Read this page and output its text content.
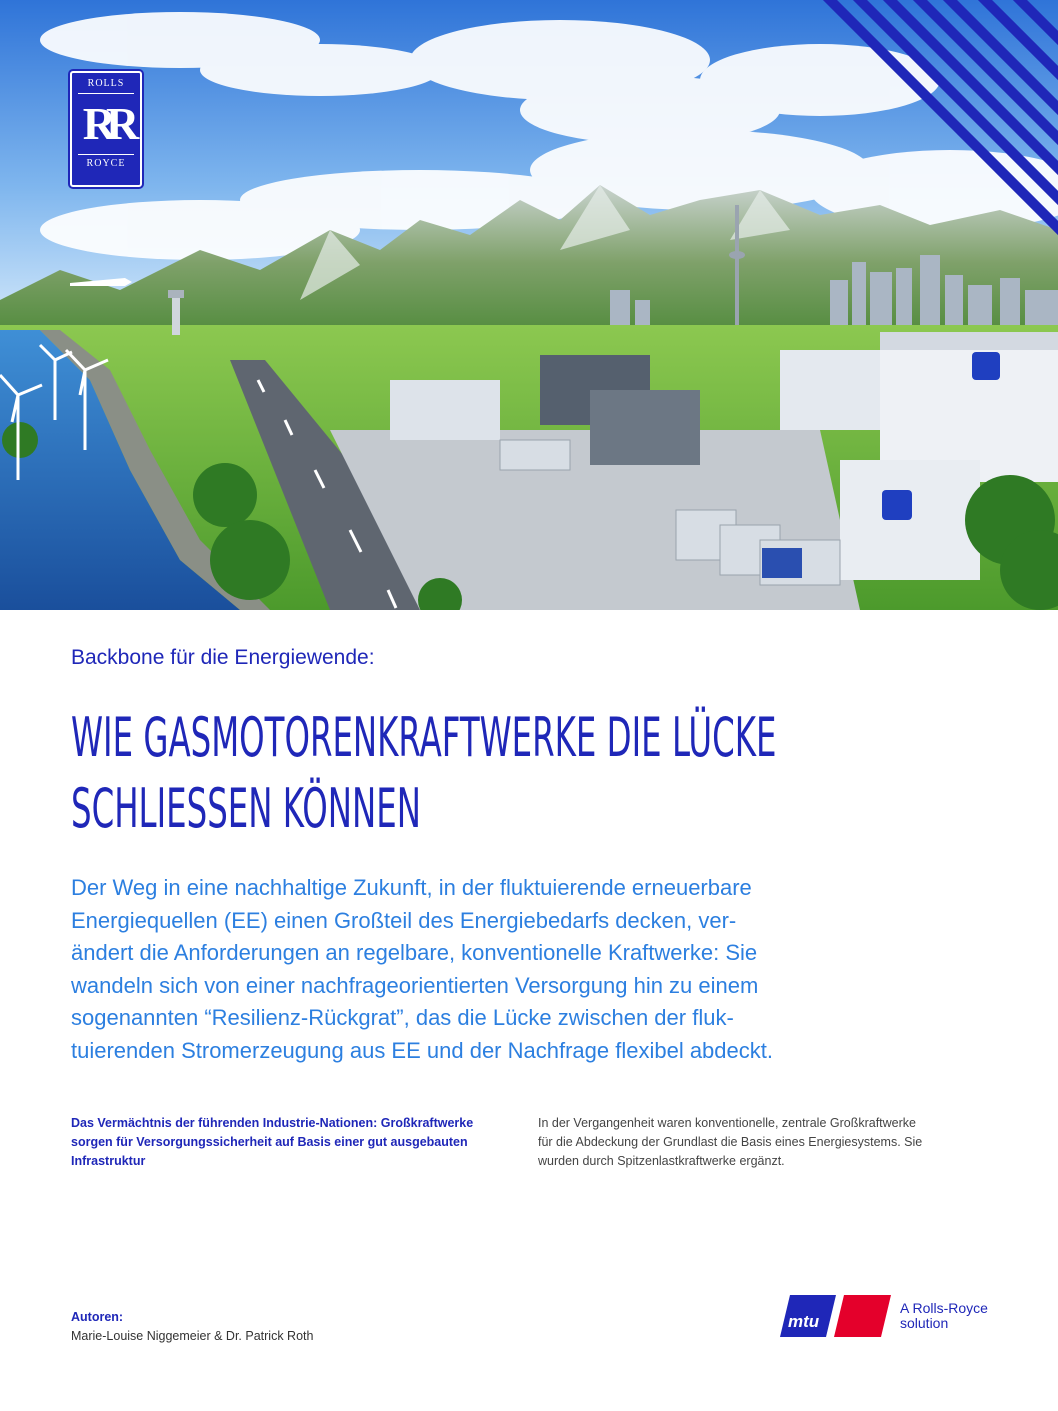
ROLLS
RR
ROYCE
Backbone für die Energiewende:
WIE GASMOTORENKRAFTWERKE DIE LÜCKE
SCHLIESSEN KÖNNEN
Der Weg in eine nachhaltige Zukunft, in der fluktuierende erneuerbare
Energiequellen (EE) einen Großteil des Energiebedarfs decken, ver-
ändert die Anforderungen an regelbare, konventionelle Kraftwerke: Sie
wandeln sich von einer nachfrageorientierten Versorgung hin zu einem
sogenannten “Resilienz-Rückgrat”, das die Lücke zwischen der fluk-
tuierenden Stromerzeugung aus EE und der Nachfrage flexibel abdeckt.
Das Vermächtnis der führenden Industrie-Nationen: Großkraftwerke
sorgen für Versorgungssicherheit auf Basis einer gut ausgebauten
Infrastruktur
In der Vergangenheit waren konventionelle, zentrale Großkraftwerke
für die Abdeckung der Grundlast die Basis eines Energiesystems. Sie
wurden durch Spitzenlastkraftwerke ergänzt.
Autoren:
Marie-Louise Niggemeier & Dr. Patrick Roth
mtu
A Rolls-Royce
solution
